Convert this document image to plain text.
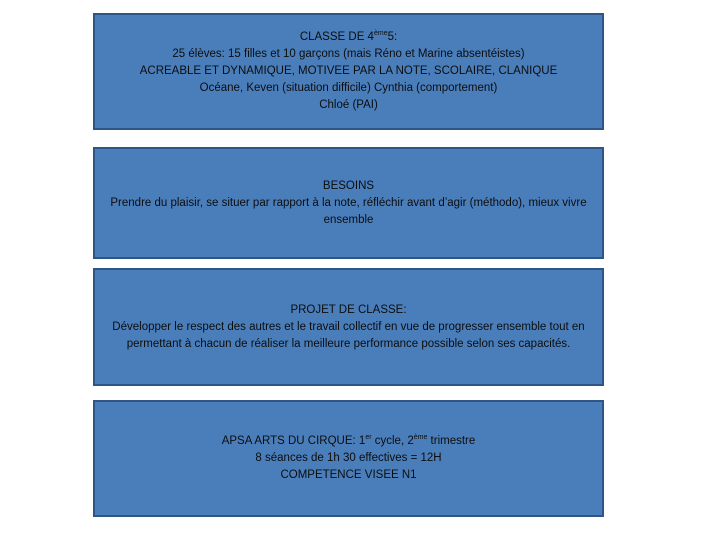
CLASSE DE 4ème5:
25 élèves: 15 filles et 10 garçons (mais Réno et Marine absentéistes)
ACREABLE ET DYNAMIQUE, MOTIVEE PAR LA NOTE, SCOLAIRE, CLANIQUE
Océane, Keven (situation difficile) Cynthia (comportement)
Chloé (PAI)
BESOINS
Prendre du plaisir, se situer par rapport à la note, réfléchir avant d’agir (méthodo), mieux vivre ensemble
PROJET DE CLASSE:
Développer le respect des autres et le travail collectif en vue de progresser ensemble tout en permettant à chacun de réaliser la meilleure performance possible selon ses capacités.
APSA ARTS DU CIRQUE: 1er cycle, 2ème trimestre
8 séances de 1h 30 effectives = 12H
COMPETENCE VISEE N1
